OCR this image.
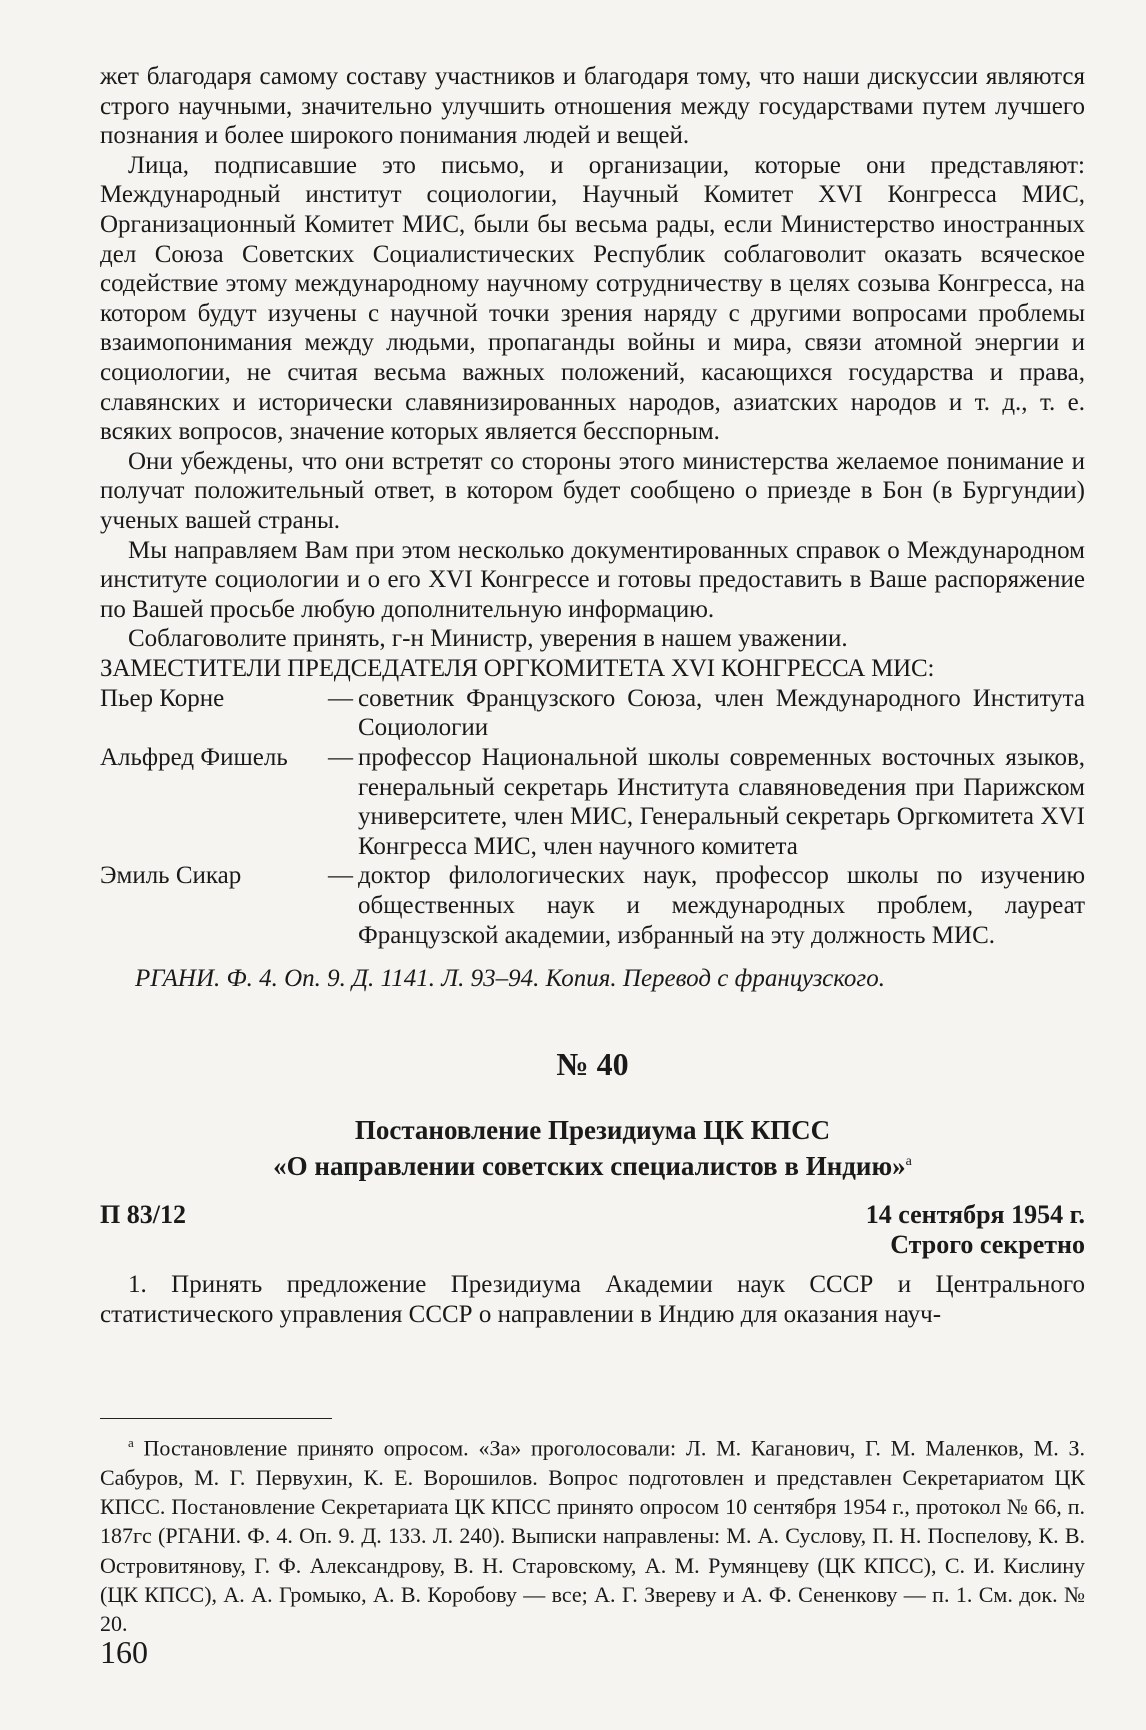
жет благодаря самому составу участников и благодаря тому, что наши дискуссии являются строго научными, значительно улучшить отношения между государствами путем лучшего познания и более широкого понимания людей и вещей.

Лица, подписавшие это письмо, и организации, которые они представляют: Международный институт социологии, Научный Комитет XVI Конгресса МИС, Организационный Комитет МИС, были бы весьма рады, если Министерство иностранных дел Союза Советских Социалистических Республик соблаговолит оказать всяческое содействие этому международному научному сотрудничеству в целях созыва Конгресса, на котором будут изучены с научной точки зрения наряду с другими вопросами проблемы взаимопонимания между людьми, пропаганды войны и мира, связи атомной энергии и социологии, не считая весьма важных положений, касающихся государства и права, славянских и исторически славянизированных народов, азиатских народов и т. д., т. е. всяких вопросов, значение которых является бесспорным.

Они убеждены, что они встретят со стороны этого министерства желаемое понимание и получат положительный ответ, в котором будет сообщено о приезде в Бон (в Бургундии) ученых вашей страны.

Мы направляем Вам при этом несколько документированных справок о Международном институте социологии и о его XVI Конгрессе и готовы предоставить в Ваше распоряжение по Вашей просьбе любую дополнительную информацию.

Соблаговолите принять, г-н Министр, уверения в нашем уважении.

ЗАМЕСТИТЕЛИ ПРЕДСЕДАТЕЛЯ ОРГКОМИТЕТА XVI КОНГРЕССА МИС:

Пьер Корне	— советник Французского Союза, член Международного Института Социологии
Альфред Фишель	— профессор Национальной школы современных восточных языков, генеральный секретарь Института славяноведения при Парижском университете, член МИС, Генеральный секретарь Оргкомитета XVI Конгресса МИС, член научного комитета
Эмиль Сикар	— доктор филологических наук, профессор школы по изучению общественных наук и международных проблем, лауреат Французской академии, избранный на эту должность МИС.
РГАНИ. Ф. 4. Оп. 9. Д. 1141. Л. 93–94. Копия. Перевод с французского.
№ 40
Постановление Президиума ЦК КПСС
«О направлении советских специалистов в Индию»$^а$
П 83/12	14 сентября 1954 г.
Строго секретно

1. Принять предложение Президиума Академии наук СССР и Центрального статистического управления СССР о направлении в Индию для оказания науч-

$^а$ Постановление принято опросом. «За» проголосовали: Л. М. Каганович, Г. М. Маленков, М. З. Сабуров, М. Г. Первухин, К. Е. Ворошилов. Вопрос подготовлен и представлен Секретариатом ЦК КПСС. Постановление Секретариата ЦК КПСС принято опросом 10 сентября 1954 г., протокол № 66, п. 187гс (РГАНИ. Ф. 4. Оп. 9. Д. 133. Л. 240). Выписки направлены: М. А. Суслову, П. Н. Поспелову, К. В. Островитянову, Г. Ф. Александрову, В. Н. Старовскому, А. М. Румянцеву (ЦК КПСС), С. И. Кислину (ЦК КПСС), А. А. Громыко, А. В. Коробову — все; А. Г. Звереву и А. Ф. Сененкову — п. 1. См. док. № 20.

160
